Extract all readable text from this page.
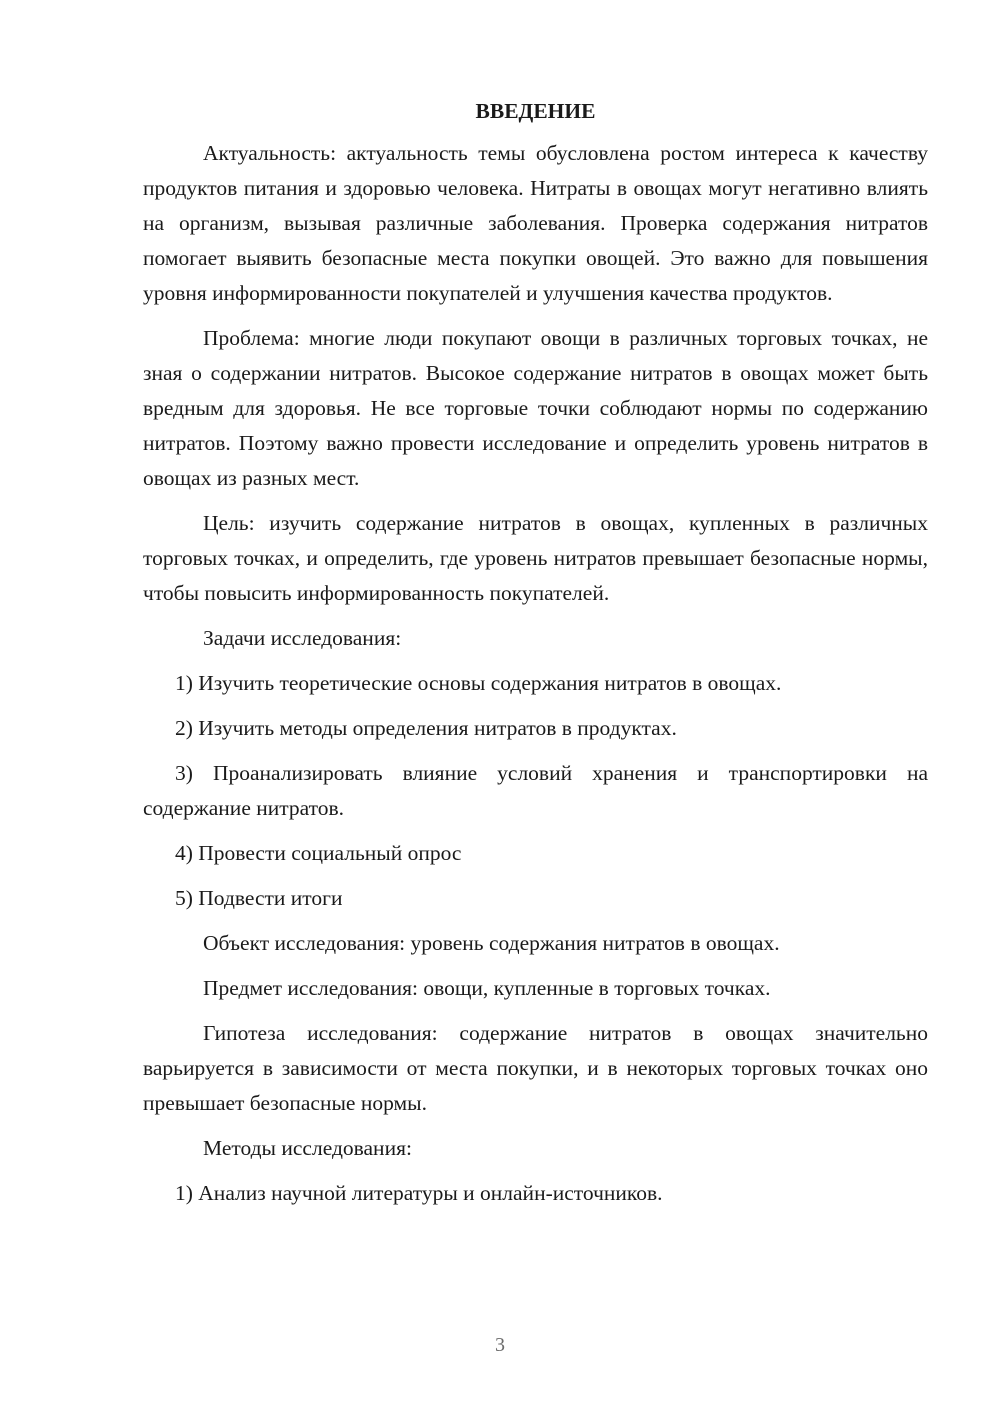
ВВЕДЕНИЕ

Актуальность: актуальность темы обусловлена ростом интереса к качеству продуктов питания и здоровью человека. Нитраты в овощах могут негативно влиять на организм, вызывая различные заболевания. Проверка содержания нитратов помогает выявить безопасные места покупки овощей. Это важно для повышения уровня информированности покупателей и улучшения качества продуктов.

Проблема: многие люди покупают овощи в различных торговых точках, не зная о содержании нитратов. Высокое содержание нитратов в овощах может быть вредным для здоровья. Не все торговые точки соблюдают нормы по содержанию нитратов. Поэтому важно провести исследование и определить уровень нитратов в овощах из разных мест.

Цель: изучить содержание нитратов в овощах, купленных в различных торговых точках, и определить, где уровень нитратов превышает безопасные нормы, чтобы повысить информированность покупателей.

Задачи исследования:

1) Изучить теоретические основы содержания нитратов в овощах.

2) Изучить методы определения нитратов в продуктах.

3) Проанализировать влияние условий хранения и транспортировки на содержание нитратов.

4) Провести социальный опрос

5) Подвести итоги

Объект исследования: уровень содержания нитратов в овощах.

Предмет исследования: овощи, купленные в торговых точках.

Гипотеза исследования: содержание нитратов в овощах значительно варьируется в зависимости от места покупки, и в некоторых торговых точках оно превышает безопасные нормы.

Методы исследования:

1) Анализ научной литературы и онлайн-источников.

3
